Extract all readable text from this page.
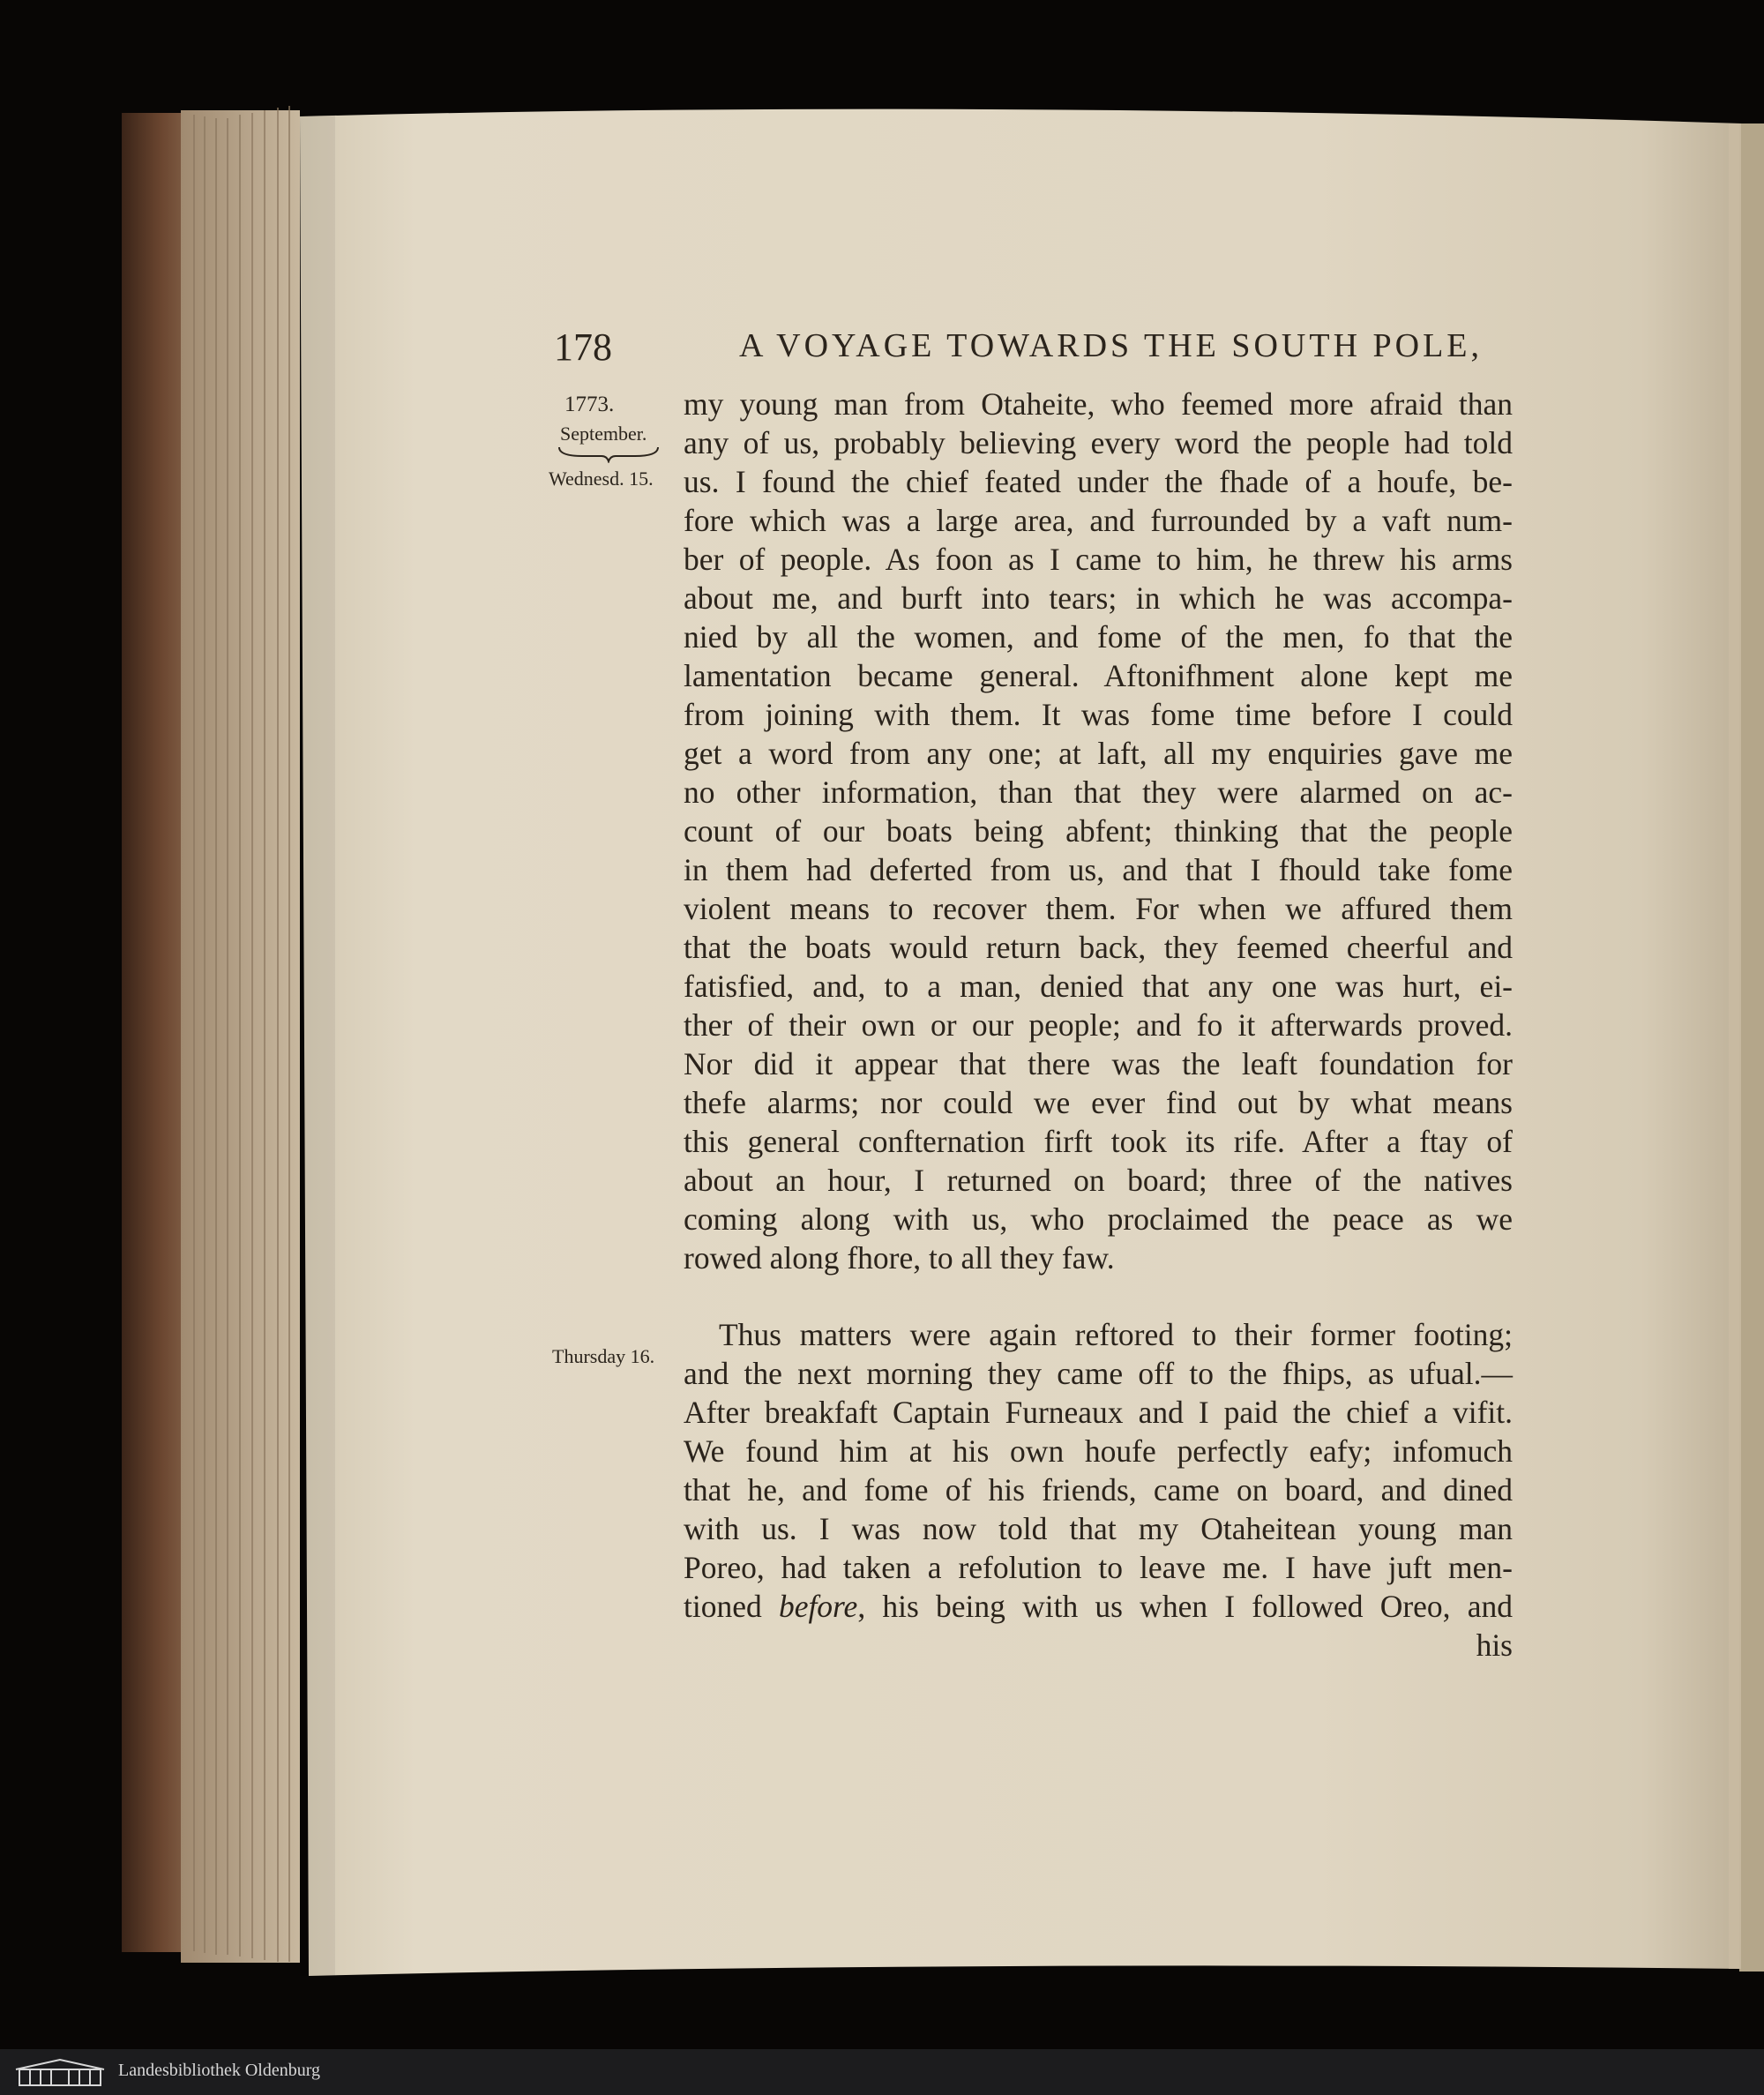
178	A VOYAGE TOWARDS THE SOUTH POLE,
1773.
September.
Wednesd. 15.
Thursday 16.
my young man from Otaheite, who feemed more afraid than
any of us, probably believing every word the people had told
us. I found the chief feated under the fhade of a houfe, be-
fore which was a large area, and furrounded by a vaft num-
ber of people. As foon as I came to him, he threw his arms
about me, and burft into tears; in which he was accompa-
nied by all the women, and fome of the men, fo that the
lamentation became general. Aftonifhment alone kept me
from joining with them. It was fome time before I could
get a word from any one; at laft, all my enquiries gave me
no other information, than that they were alarmed on ac-
count of our boats being abfent; thinking that the people
in them had deferted from us, and that I fhould take fome
violent means to recover them. For when we affured them
that the boats would return back, they feemed cheerful and
fatisfied, and, to a man, denied that any one was hurt, ei-
ther of their own or our people; and fo it afterwards proved.
Nor did it appear that there was the leaft foundation for
thefe alarms; nor could we ever find out by what means
this general confternation firft took its rife. After a ftay of
about an hour, I returned on board; three of the natives
coming along with us, who proclaimed the peace as we
rowed along fhore, to all they faw.
Thus matters were again reftored to their former footing;
and the next morning they came off to the fhips, as ufual.—
After breakfaft Captain Furneaux and I paid the chief a vifit.
We found him at his own houfe perfectly eafy; infomuch
that he, and fome of his friends, came on board, and dined
with us. I was now told that my Otaheitean young man
Poreo, had taken a refolution to leave me. I have juft men-
tioned before, his being with us when I followed Oreo, and
his
Landesbibliothek Oldenburg
